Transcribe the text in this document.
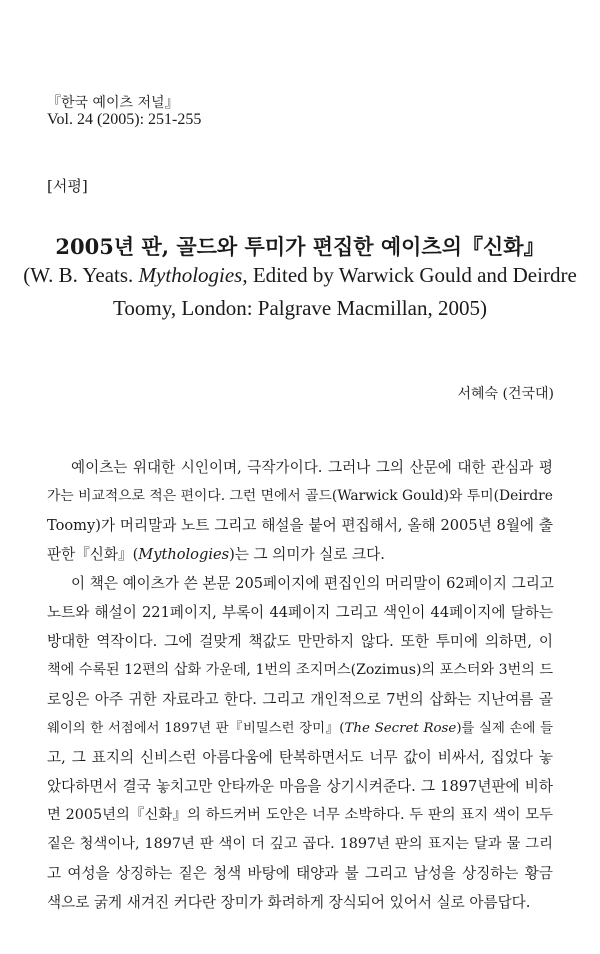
『한국 예이츠 저널』
Vol. 24 (2005): 251-255
[서평]
2005년 판, 골드와 투미가 편집한 예이츠의『신화』
(W. B. Yeats. Mythologies, Edited by Warwick Gould and Deirdre
Toomy, London: Palgrave Macmillan, 2005)
서혜숙 (건국대)
예이츠는 위대한 시인이며, 극작가이다. 그러나 그의 산문에 대한 관심과 평
가는 비교적으로 적은 편이다. 그런 면에서 골드(Warwick Gould)와 투미(Deirdre
Toomy)가 머리말과 노트 그리고 해설을 붙어 편집해서, 올해 2005년 8월에 출
판한『신화』(Mythologies)는 그 의미가 실로 크다.
이 책은 예이츠가 쓴 본문 205페이지에 편집인의 머리말이 62페이지 그리고
노트와 해설이 221페이지, 부록이 44페이지 그리고 색인이 44페이지에 달하는
방대한 역작이다. 그에 걸맞게 책값도 만만하지 않다. 또한 투미에 의하면, 이
책에 수록된 12편의 삽화 가운데, 1번의 조지머스(Zozimus)의 포스터와 3번의 드
로잉은 아주 귀한 자료라고 한다. 그리고 개인적으로 7번의 삽화는 지난여름 골
웨이의 한 서점에서 1897년 판『비밀스런 장미』(The Secret Rose)를 실제 손에 들
고, 그 표지의 신비스런 아름다움에 탄복하면서도 너무 값이 비싸서, 집었다 놓
았다하면서 결국 놓치고만 안타까운 마음을 상기시켜준다. 그 1897년판에 비하
면 2005년의『신화』의 하드커버 도안은 너무 소박하다. 두 판의 표지 색이 모두
짙은 청색이나, 1897년 판 색이 더 깊고 곱다. 1897년 판의 표지는 달과 물 그리
고 여성을 상징하는 짙은 청색 바탕에 태양과 불 그리고 남성을 상징하는 황금
색으로 굵게 새겨진 커다란 장미가 화려하게 장식되어 있어서 실로 아름답다.
